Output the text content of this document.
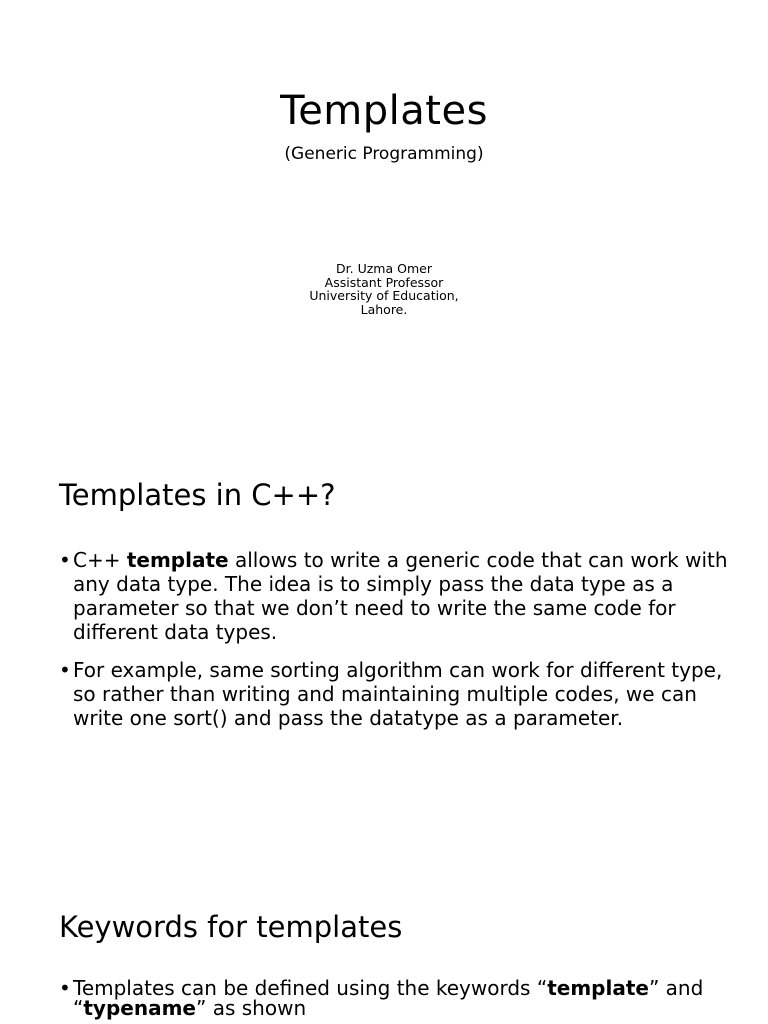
Templates

(Generic Programming)

Dr. Uzma Omer
Assistant Professor
University of Education,
Lahore.
Templates in C++?
• C++ template allows to write a generic code that can work with any data type. The idea is to simply pass the data type as a parameter so that we don’t need to write the same code for different data types.
• For example, same sorting algorithm can work for different type, so rather than writing and maintaining multiple codes, we can write one sort() and pass the datatype as a parameter.
Keywords for templates
• Templates can be defined using the keywords “template” and “typename” as shown
